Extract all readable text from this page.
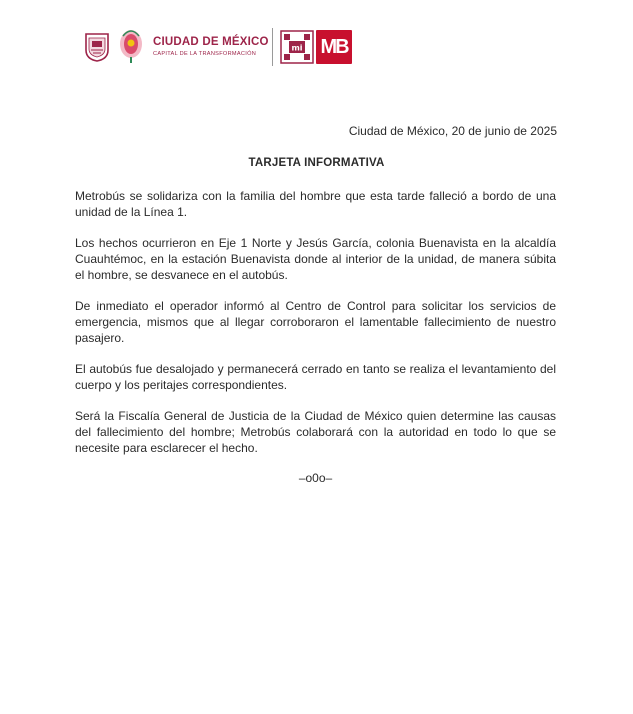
CIUDAD DE MÉXICO
CAPITAL DE LA TRANSFORMACIÓN
mi MB
Ciudad de México, 20 de junio de 2025
TARJETA INFORMATIVA

Metrobús se solidariza con la familia del hombre que esta tarde falleció a bordo de una unidad de la Línea 1.

Los hechos ocurrieron en Eje 1 Norte y Jesús García, colonia Buenavista en la alcaldía Cuauhtémoc, en la estación Buenavista donde al interior de la unidad, de manera súbita el hombre, se desvanece en el autobús.

De inmediato el operador informó al Centro de Control para solicitar los servicios de emergencia, mismos que al llegar corroboraron el lamentable fallecimiento de nuestro pasajero.

El autobús fue desalojado y permanecerá cerrado en tanto se realiza el levantamiento del cuerpo y los peritajes correspondientes.

Será la Fiscalía General de Justicia de la Ciudad de México quien determine las causas del fallecimiento del hombre; Metrobús colaborará con la autoridad en todo lo que se necesite para esclarecer el hecho.

–o0o–
